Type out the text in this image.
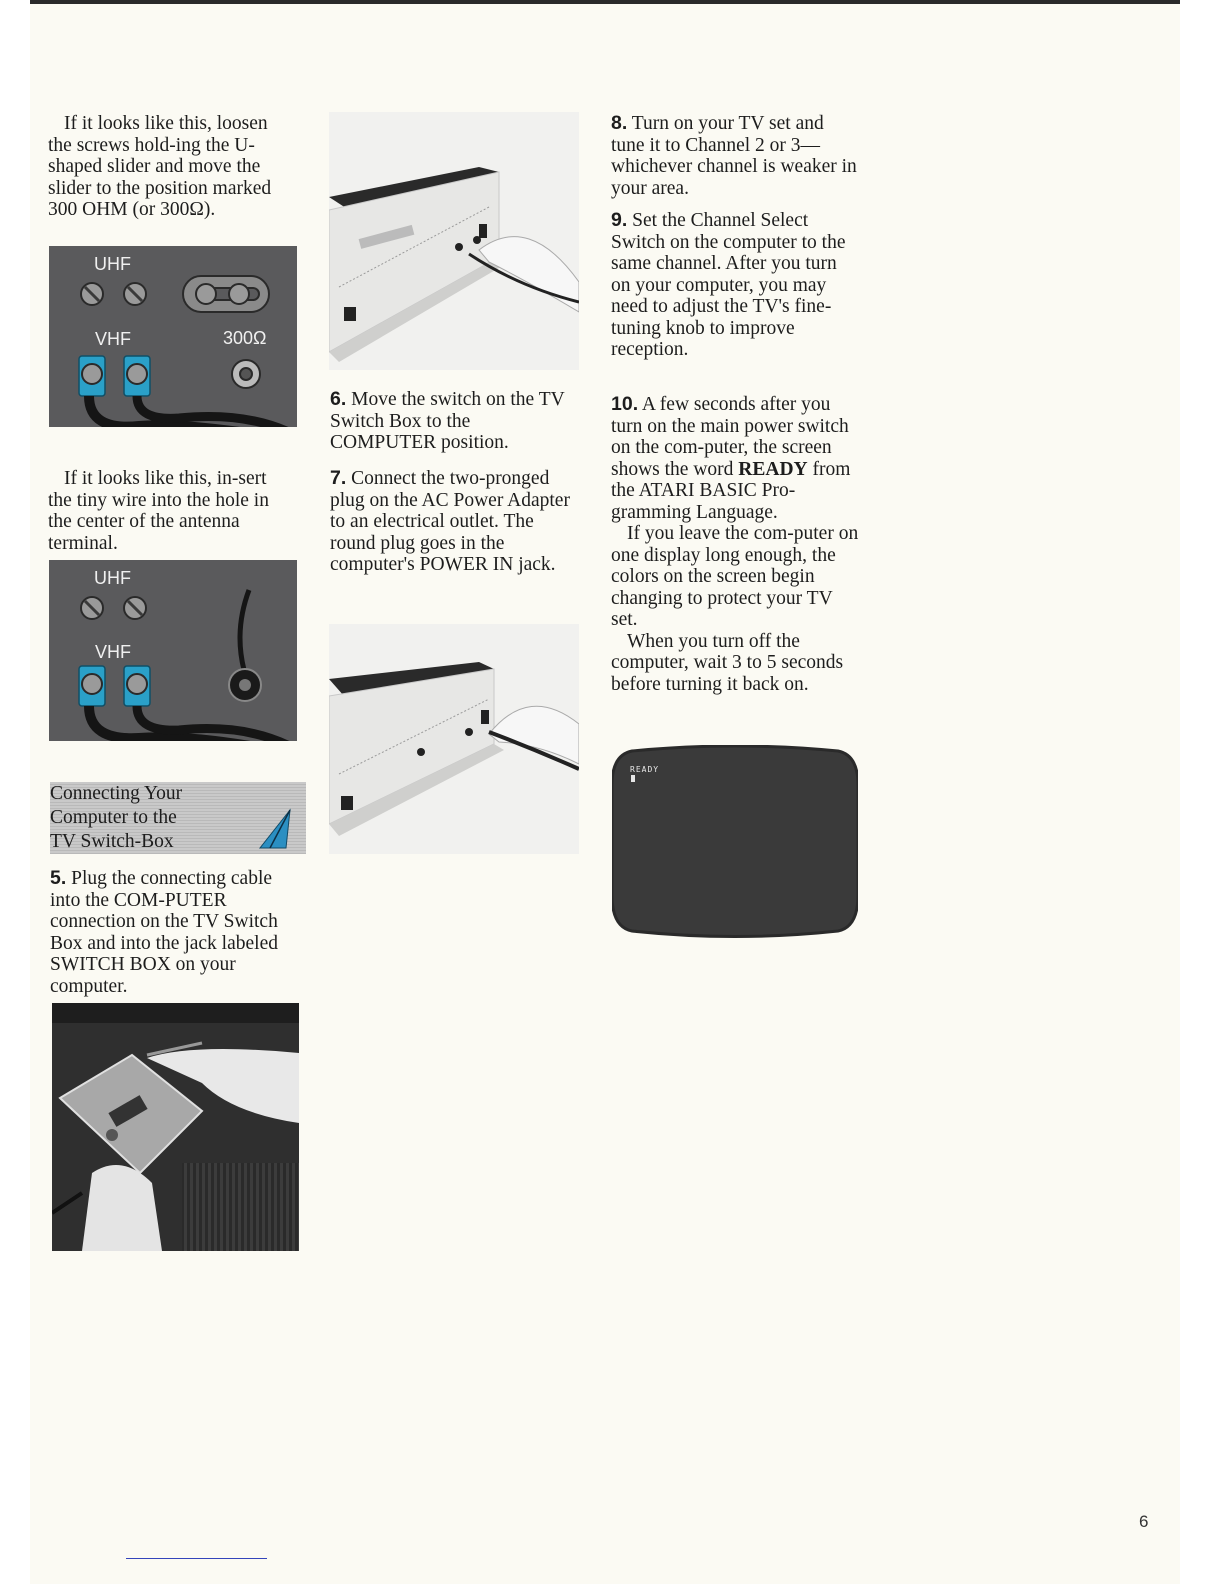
If it looks like this, loosen the screws hold-ing the U-shaped slider and move the slider to the position marked 300 OHM (or 300Ω).

UHF
VHF	300Ω

If it looks like this, in-sert the tiny wire into the hole in the center of the antenna terminal.

UHF
VHF
Connecting Your
Computer to the
TV Switch-Box

5. Plug the connecting cable into the COM-PUTER connection on the TV Switch Box and into the jack labeled SWITCH BOX on your computer.

6. Move the switch on the TV Switch Box to the COMPUTER position.

7. Connect the two-pronged plug on the AC Power Adapter to an electrical outlet. The round plug goes in the computer's POWER IN jack.

8. Turn on your TV set and tune it to Channel 2 or 3—whichever channel is weaker in your area.

9. Set the Channel Select Switch on the computer to the same channel. After you turn on your computer, you may need to adjust the TV's fine-tuning knob to improve reception.

10. A few seconds after you turn on the main power switch on the com-puter, the screen shows the word READY from the ATARI BASIC Pro-gramming Language.

If you leave the com-puter on one display long enough, the colors on the screen begin changing to protect your TV set.

When you turn off the computer, wait 3 to 5 seconds before turning it back on.

READY
6
